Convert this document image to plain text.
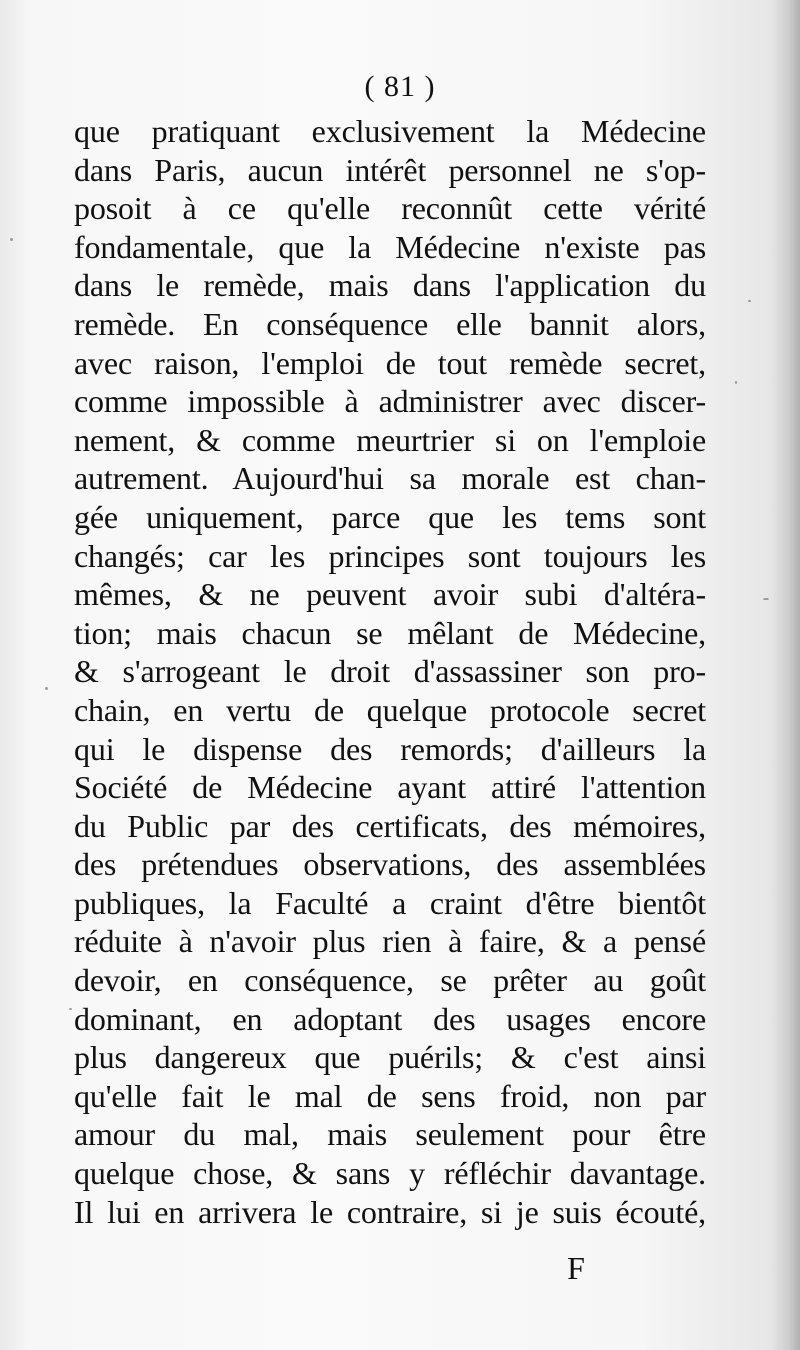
( 81 )
que pratiquant exclusivement la Médecine
dans Paris, aucun intérêt personnel ne s'op-
posoit à ce qu'elle reconnût cette vérité
fondamentale, que la Médecine n'existe pas
dans le remède, mais dans l'application du
remède. En conséquence elle bannit alors,
avec raison, l'emploi de tout remède secret,
comme impossible à administrer avec discer-
nement, & comme meurtrier si on l'emploie
autrement. Aujourd'hui sa morale est chan-
gée uniquement, parce que les tems sont
changés; car les principes sont toujours les
mêmes, & ne peuvent avoir subi d'altéra-
tion; mais chacun se mêlant de Médecine,
& s'arrogeant le droit d'assassiner son pro-
chain, en vertu de quelque protocole secret
qui le dispense des remords; d'ailleurs la
Société de Médecine ayant attiré l'attention
du Public par des certificats, des mémoires,
des prétendues observations, des assemblées
publiques, la Faculté a craint d'être bientôt
réduite à n'avoir plus rien à faire, & a pensé
devoir, en conséquence, se prêter au goût
dominant, en adoptant des usages encore
plus dangereux que puérils; & c'est ainsi
qu'elle fait le mal de sens froid, non par
amour du mal, mais seulement pour être
quelque chose, & sans y réfléchir davantage.
Il lui en arrivera le contraire, si je suis écouté,
F
